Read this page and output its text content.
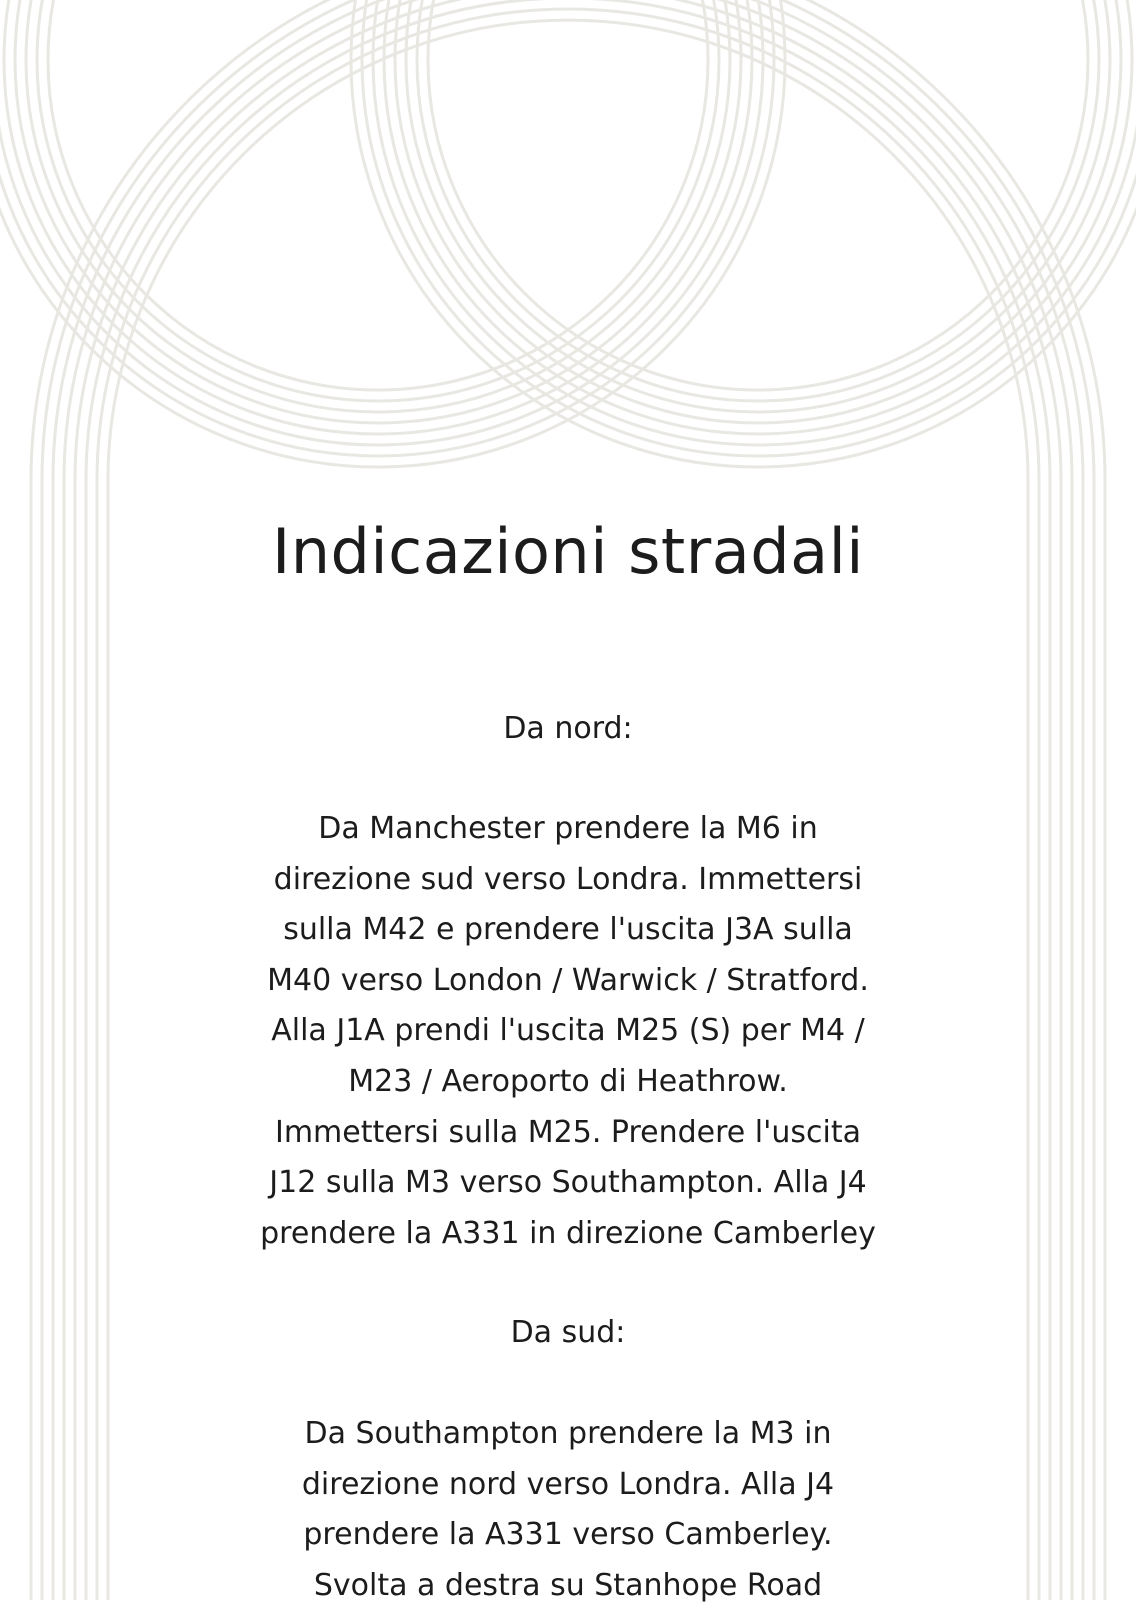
Indicazioni stradali
Da nord:

Da Manchester prendere la M6 in
direzione sud verso Londra. Immettersi
sulla M42 e prendere l'uscita J3A sulla
M40 verso London / Warwick / Stratford.
Alla J1A prendi l'uscita M25 (S) per M4 /
M23 / Aeroporto di Heathrow.
Immettersi sulla M25. Prendere l'uscita
J12 sulla M3 verso Southampton. Alla J4
prendere la A331 in direzione Camberley

Da sud:

Da Southampton prendere la M3 in
direzione nord verso Londra. Alla J4
prendere la A331 verso Camberley.
Svolta a destra su Stanhope Road
